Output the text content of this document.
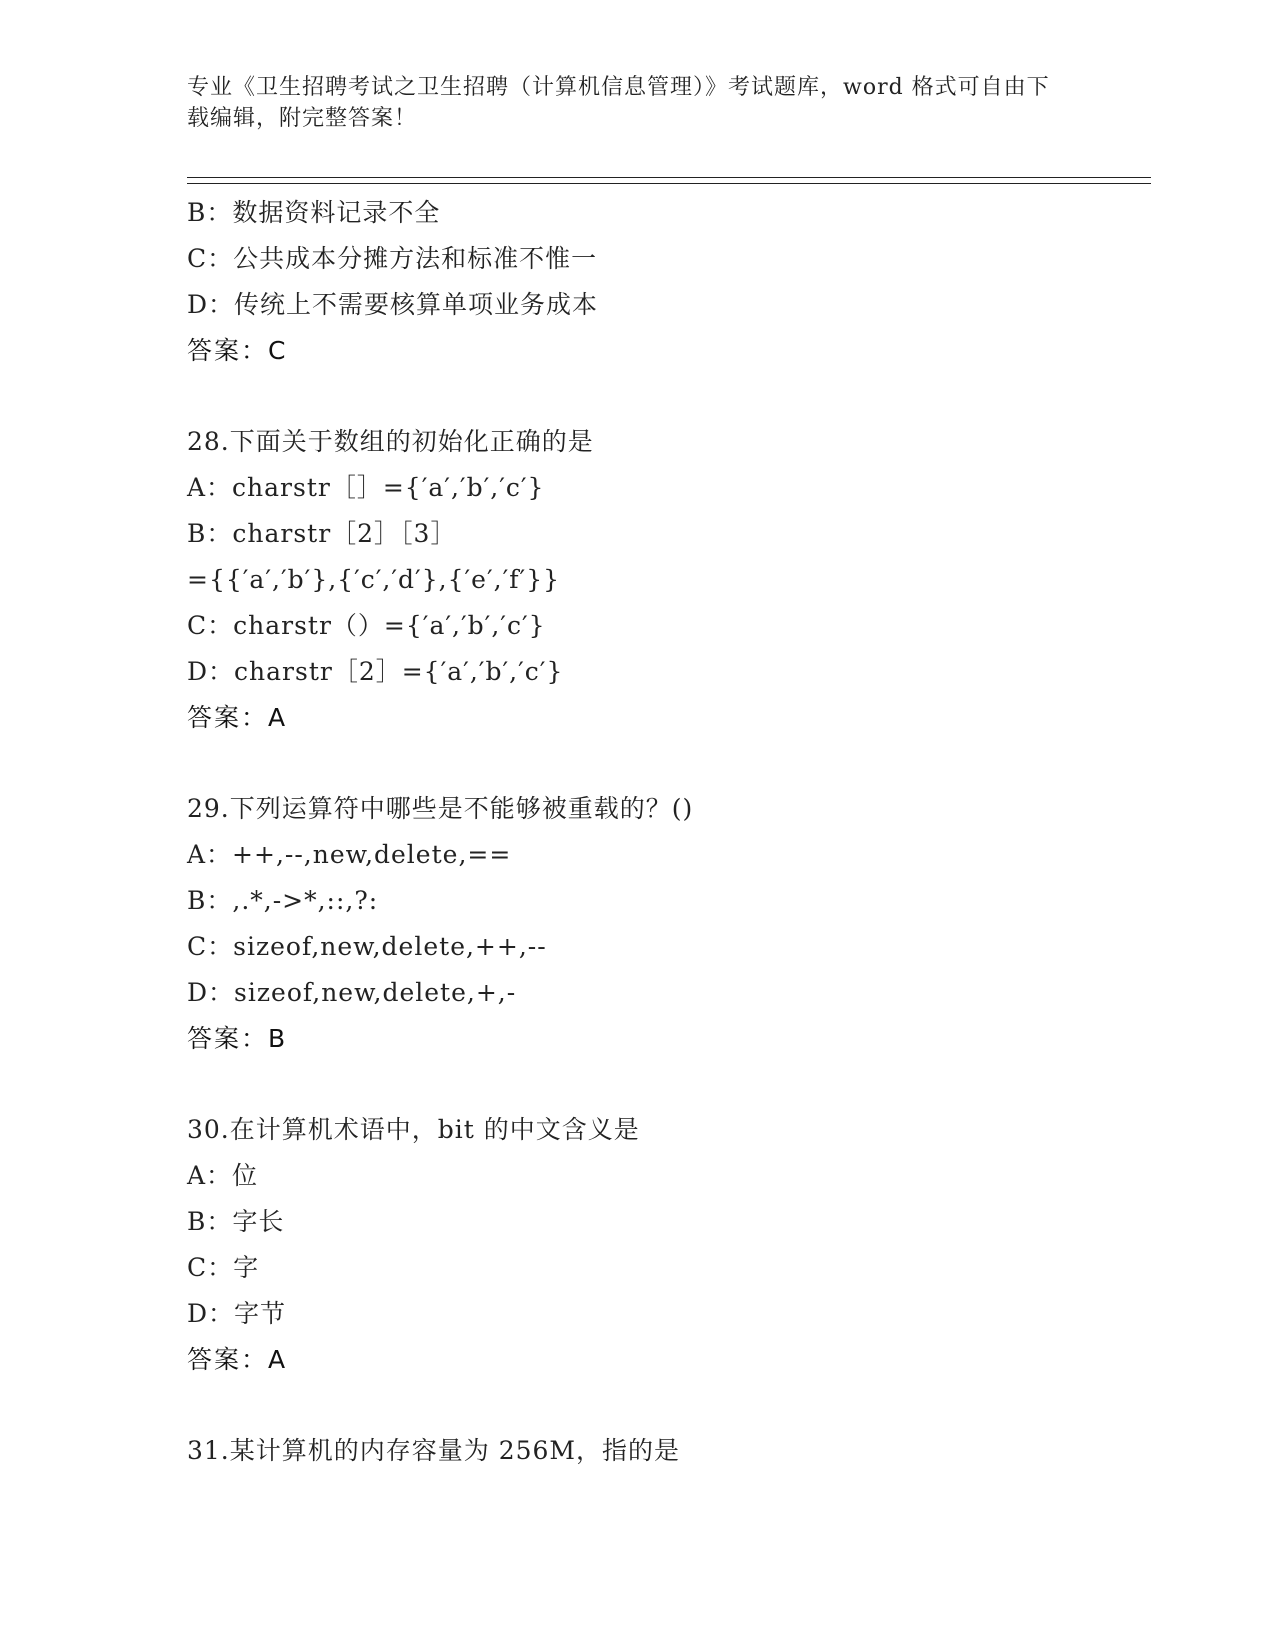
专业《卫生招聘考试之卫生招聘（计算机信息管理）》考试题库，word 格式可自由下载编辑，附完整答案！
B：数据资料记录不全
C：公共成本分摊方法和标准不惟一
D：传统上不需要核算单项业务成本
答案：C
28.下面关于数组的初始化正确的是
A：charstr［］={′a′,′b′,′c′}
B：charstr［2］［3］
={{′a′,′b′},{′c′,′d′},{′e′,′f′}}
C：charstr（）={′a′,′b′,′c′}
D：charstr［2］={′a′,′b′,′c′}
答案：A
29.下列运算符中哪些是不能够被重载的？()
A：++,--,new,delete,==
B：,.*,->*,::,?:
C：sizeof,new,delete,++,--
D：sizeof,new,delete,+,-
答案：B
30.在计算机术语中，bit 的中文含义是
A：位
B：字长
C：字
D：字节
答案：A
31.某计算机的内存容量为 256M，指的是
